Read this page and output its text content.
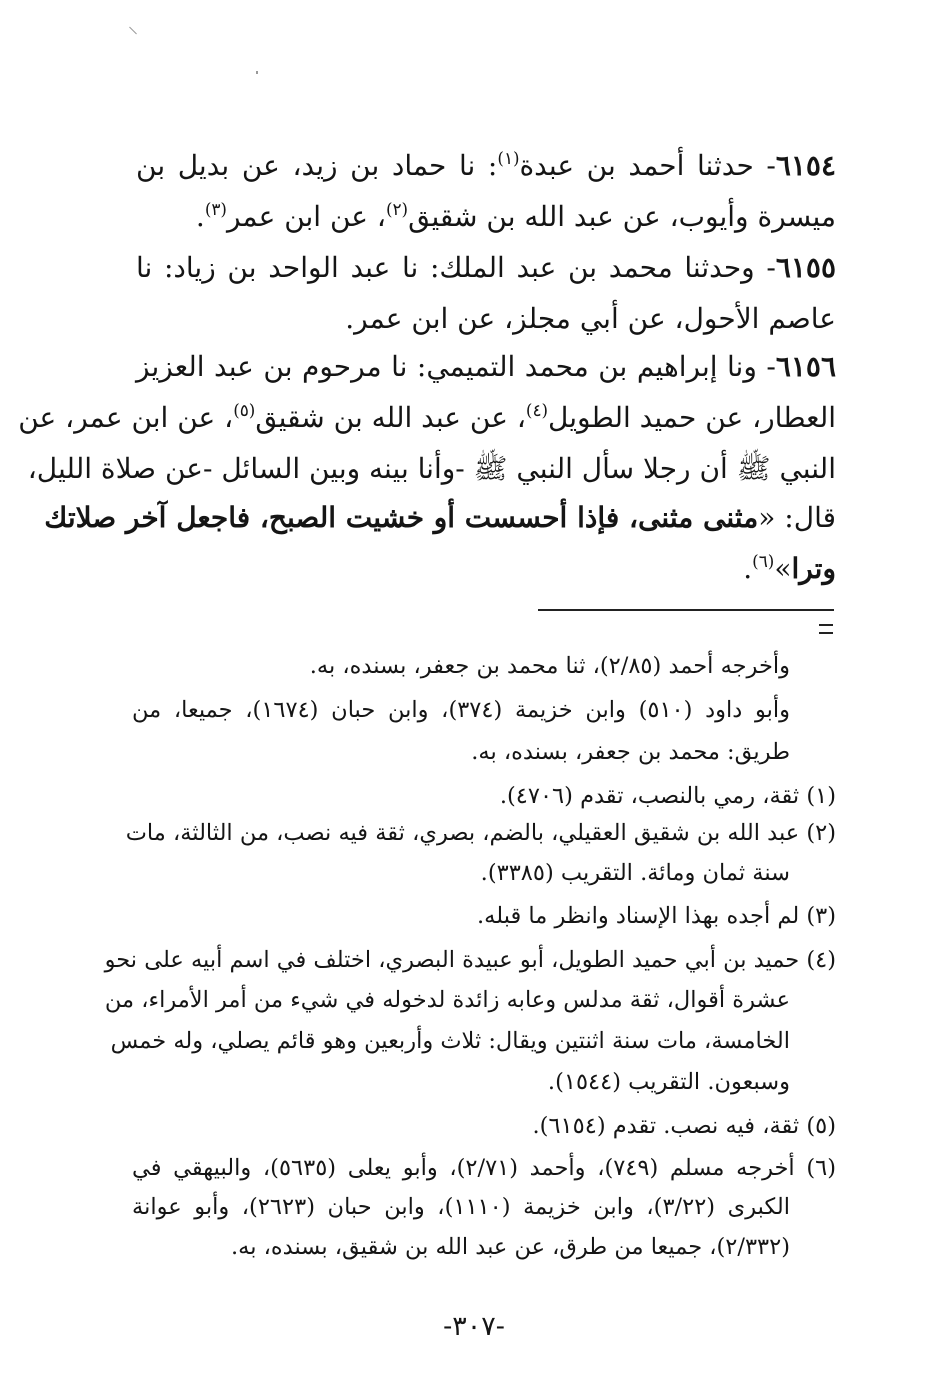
٦١٥٤- حدثنا أحمد بن عبدة$^{(١)}$: نا حماد بن زيد، عن بديل بن

ميسرة وأيوب، عن عبد الله بن شقيق$^{(٢)}$، عن ابن عمر$^{(٣)}$.

٦١٥٥- وحدثنا محمد بن عبد الملك: نا عبد الواحد بن زياد: نا

عاصم الأحول، عن أبي مجلز، عن ابن عمر.

٦١٥٦- ونا إبراهيم بن محمد التميمي: نا مرحوم بن عبد العزيز

العطار، عن حميد الطويل$^{(٤)}$، عن عبد الله بن شقيق$^{(٥)}$، عن ابن عمر، عن

النبي ﷺ أن رجلا سأل النبي ﷺ -وأنا بينه وبين السائل -عن صلاة الليل،

قال: «مثنى مثنى، فإذا أحسست أو خشيت الصبح، فاجعل آخر صلاتك

وترا»$^{(٦)}$.

وأخرجه أحمد (٢/٨٥)، ثنا محمد بن جعفر، بسنده، به.

وأبو داود (٥١٠) وابن خزيمة (٣٧٤)، وابن حبان (١٦٧٤)، جميعا، من

طريق: محمد بن جعفر، بسنده، به.

(١) ثقة، رمي بالنصب، تقدم (٤٧٠٦).

(٢) عبد الله بن شقيق العقيلي، بالضم، بصري، ثقة فيه نصب، من الثالثة، مات

سنة ثمان ومائة. التقريب (٣٣٨٥).

(٣) لم أجده بهذا الإسناد وانظر ما قبله.

(٤) حميد بن أبي حميد الطويل، أبو عبيدة البصري، اختلف في اسم أبيه على نحو

عشرة أقوال، ثقة مدلس وعابه زائدة لدخوله في شيء من أمر الأمراء، من

الخامسة، مات سنة اثنتين ويقال: ثلاث وأربعين وهو قائم يصلي، وله خمس

وسبعون. التقريب (١٥٤٤).

(٥) ثقة، فيه نصب. تقدم (٦١٥٤).

(٦) أخرجه مسلم (٧٤٩)، وأحمد (٢/٧١)، وأبو يعلى (٥٦٣٥)، والبيهقي في

الكبرى (٣/٢٢)، وابن خزيمة (١١١٠)، وابن حبان (٢٦٢٣)، وأبو عوانة

(٢/٣٣٢)، جميعا من طرق، عن عبد الله بن شقيق، بسنده، به.

-٣٠٧-
